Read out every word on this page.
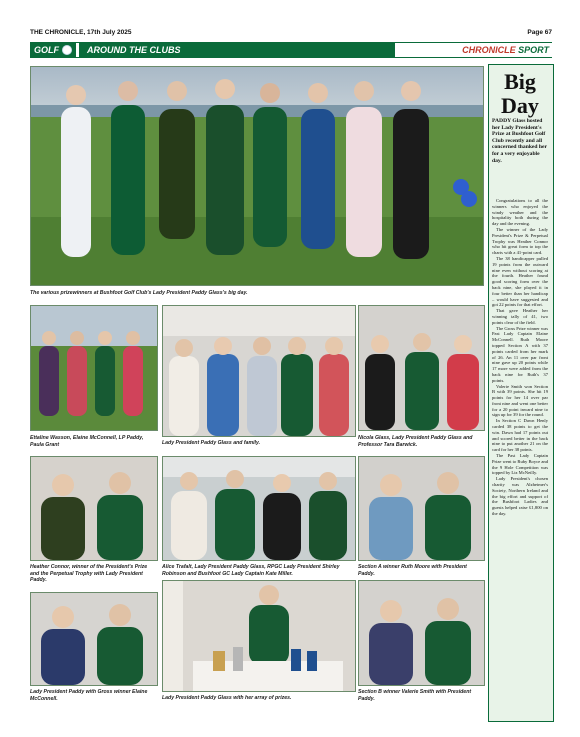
THE CHRONICLE, 17th July 2025	Page 67
GOLF	AROUND THE CLUBS	CHRONICLE SPORT
The various prizewinners at Bushfoot Golf Club's Lady President Paddy Glass's big day.
Ettaline Wasson, Elaine McConnell, LP Paddy, Paula Grant	Lady President Paddy Glass and family.
Nicola Glass, Lady President Paddy Glass and Professor Tara Barwick.
Heather Connor, winner of the President's Prize and the Perpetual Trophy with Lady President Paddy.
Alice Trafalt, Lady President Paddy Glass, RPGC Lady President Shirley Robinson and Bushfoot GC Lady Captain Kate Miller.
Section A winner Ruth Moore with President Paddy.
Lady President Paddy with Gross winner Elaine McConnell.	Lady President Paddy Glass with her array of prizes.
Section B winner Valerie Smith with President Paddy.
Big Day
PADDY Glass hosted her Lady President's Prize at Bushfoot Golf Club recently and all concerned thanked her for a very enjoyable day.

Congratulations to all the winners who enjoyed the windy weather and the hospitality both during the day and the evening.

The winner of the Lady President's Prize & Perpetual Trophy was Heather Connor who hit great form to top the charts with a 41-point card.

The 38 handicapper pulled 19 points from the outward nine even without scoring at the fourth. Heather found good scoring form over the back nine, she played it in four better than her handicap – would have suggested and got 22 points for that effort.

That gave Heather her winning tally of 41, two points clear of the field.

The Gross Prize winner was Past Lady Captain Elaine McConnell. Ruth Moore topped Section A with 37 points carded from her mark of 26. An 11 over par front nine gave up 20 points while 17 more were added from the back nine for Ruth's 37 points.

Valerie Smith won Section B with 39 points. She hit 19 points for her 14 over par front nine and went one better for a 20 point inward nine to sign up for 39 for the round.

In Section C Dawn Henly carded 38 points to get the win. Dawn had 17 points out and scored better in the back nine to put another 21 on the card for her 38 points.

The Past Lady Captain Prize went to Ruby Boyce and the 9 Hole Competition was topped by Liz McNeilly.

Lady President's chosen charity was Alzheimer's Society, Northern Ireland and the big effort and support of the Bushfoot Ladies and guests helped raise £1,800 on the day.
